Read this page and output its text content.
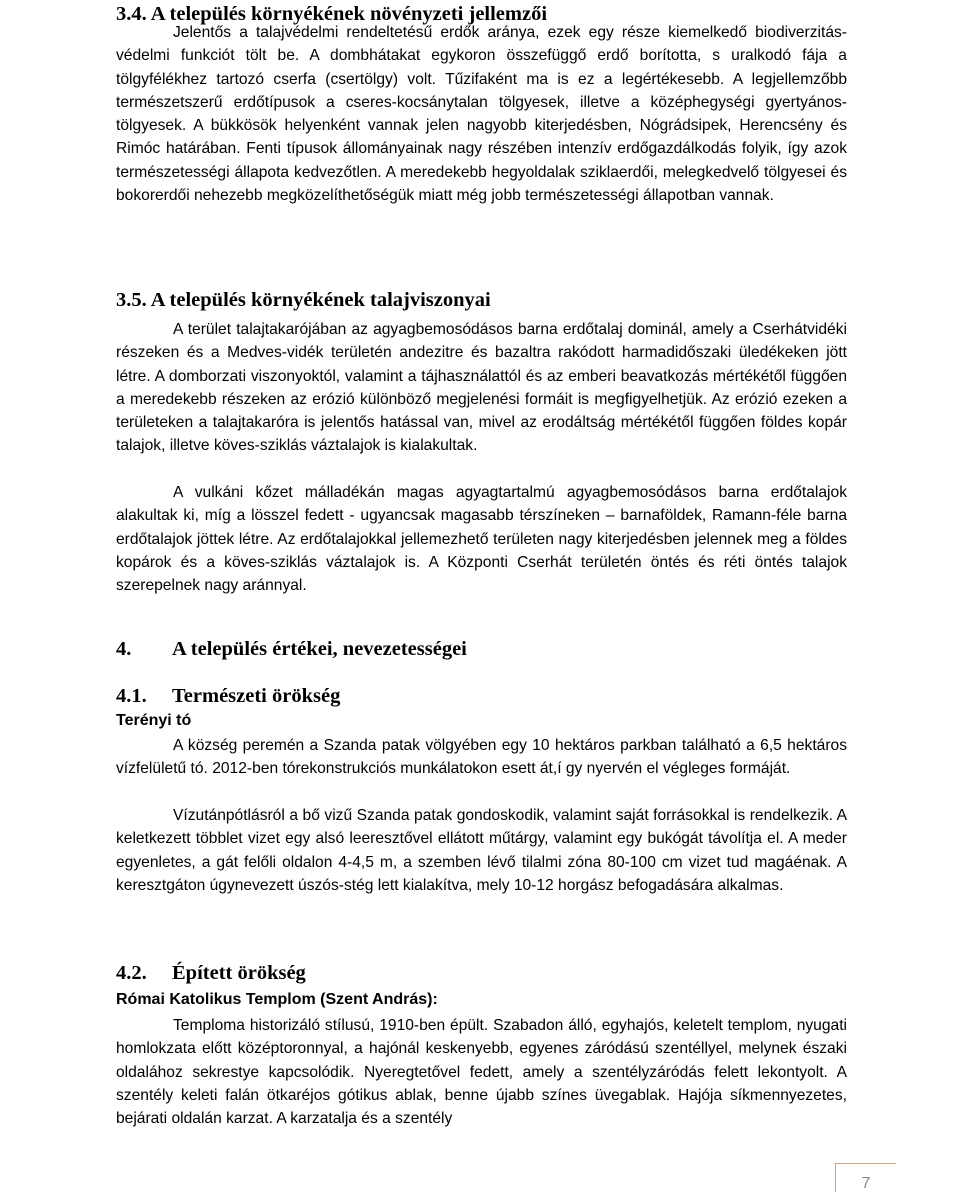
3.4. A település környékének növényzeti jellemzői

Jelentős a talajvédelmi rendeltetésű erdők aránya, ezek egy része kiemelkedő biodiverzitás-védelmi funkciót tölt be. A dombhátakat egykoron összefüggő erdő borította, s uralkodó fája a tölgyfélékhez tartozó cserfa (csertölgy) volt. Tűzifaként ma is ez a legértékesebb. A legjellemzőbb természetszerű erdőtípusok a cseres-kocsánytalan tölgyesek, illetve a középhegységi gyertyános-tölgyesek. A bükkösök helyenként vannak jelen nagyobb kiterjedésben, Nógrádsipek, Herencsény és Rimóc határában. Fenti típusok állományainak nagy részében intenzív erdőgazdálkodás folyik, így azok természetességi állapota kedvezőtlen. A meredekebb hegyoldalak sziklaerdői, melegkedvelő tölgyesei és bokorerdői nehezebb megközelíthetőségük miatt még jobb természetességi állapotban vannak.

3.5. A település környékének talajviszonyai

A terület talajtakarójában az agyagbemosódásos barna erdőtalaj dominál, amely a Cserhátvidéki részeken és a Medves-vidék területén andezitre és bazaltra rakódott harmadidőszaki üledékeken jött létre. A domborzati viszonyoktól, valamint a tájhasználattól és az emberi beavatkozás mértékétől függően a meredekebb részeken az erózió különböző megjelenési formáit is megfigyelhetjük. Az erózió ezeken a területeken a talajtakaróra is jelentős hatással van, mivel az erodáltság mértékétől függően földes kopár talajok, illetve köves-sziklás váztalajok is kialakultak.

A vulkáni kőzet málladékán magas agyagtartalmú agyagbemosódásos barna erdőtalajok alakultak ki, míg a lösszel fedett - ugyancsak magasabb térszíneken – barnaföldek, Ramann-féle barna erdőtalajok jöttek létre. Az erdőtalajokkal jellemezhető területen nagy kiterjedésben jelennek meg a földes kopárok és a köves-sziklás váztalajok is. A Központi Cserhát területén öntés és réti öntés talajok szerepelnek nagy aránnyal.

4. A település értékei, nevezetességei
4.1. Természeti örökség

Terényi tó

A község peremén a Szanda patak völgyében egy 10 hektáros parkban található a 6,5 hektáros vízfelületű tó. 2012-ben tórekonstrukciós munkálatokon esett át,í gy nyervén el végleges formáját.

Vízutánpótlásról a bő vizű Szanda patak gondoskodik, valamint saját forrásokkal is rendelkezik. A keletkezett többlet vizet egy alsó leeresztővel ellátott műtárgy, valamint egy bukógát távolítja el. A meder egyenletes, a gát felőli oldalon 4-4,5 m, a szemben lévő tilalmi zóna 80-100 cm vizet tud magáénak. A keresztgáton úgynevezett úszós-stég lett kialakítva, mely 10-12 horgász befogadására alkalmas.

4.2. Épített örökség

Római Katolikus Templom (Szent András):

Temploma historizáló stílusú, 1910-ben épült. Szabadon álló, egyhajós, keletelt templom, nyugati homlokzata előtt középtoronnyal, a hajónál keskenyebb, egyenes záródású szentéllyel, melynek északi oldalához sekrestye kapcsolódik. Nyeregtetővel fedett, amely a szentélyzáródás felett lekontyolt. A szentély keleti falán ötkaréjos gótikus ablak, benne újabb színes üvegablak. Hajója síkmennyezetes, bejárati oldalán karzat. A karzatalja és a szentély

7
